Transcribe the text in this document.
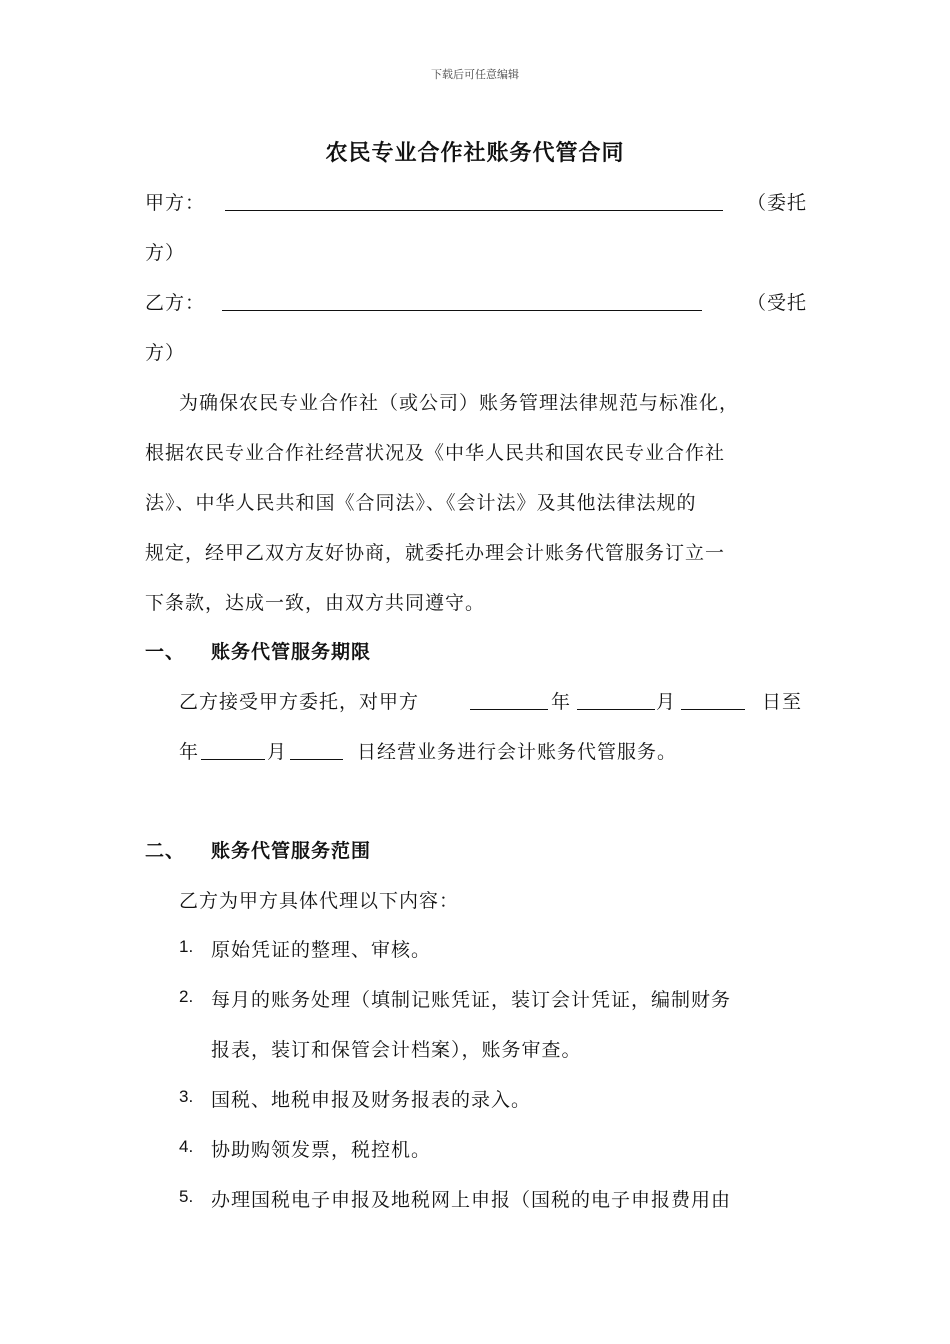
下载后可任意编辑
农民专业合作社账务代管合同
甲方：	（委托
方）
乙方：	（受托
方）
为确保农民专业合作社（或公司）账务管理法律规范与标准化，
根据农民专业合作社经营状况及《中华人民共和国农民专业合作社
法》、中华人民共和国《合同法》、《会计法》及其他法律法规的
规定，经甲乙双方友好协商，就委托办理会计账务代管服务订立一
下条款，达成一致，由双方共同遵守。
一、 账务代管服务期限
乙方接受甲方委托，对甲方	年	月	日至
年	月	日经营业务进行会计账务代管服务。
二、 账务代管服务范围
乙方为甲方具体代理以下内容：
1. 原始凭证的整理、审核。
2. 每月的账务处理（填制记账凭证，装订会计凭证，编制财务
报表，装订和保管会计档案），账务审查。
3. 国税、地税申报及财务报表的录入。
4. 协助购领发票，税控机。
5. 办理国税电子申报及地税网上申报（国税的电子申报费用由
